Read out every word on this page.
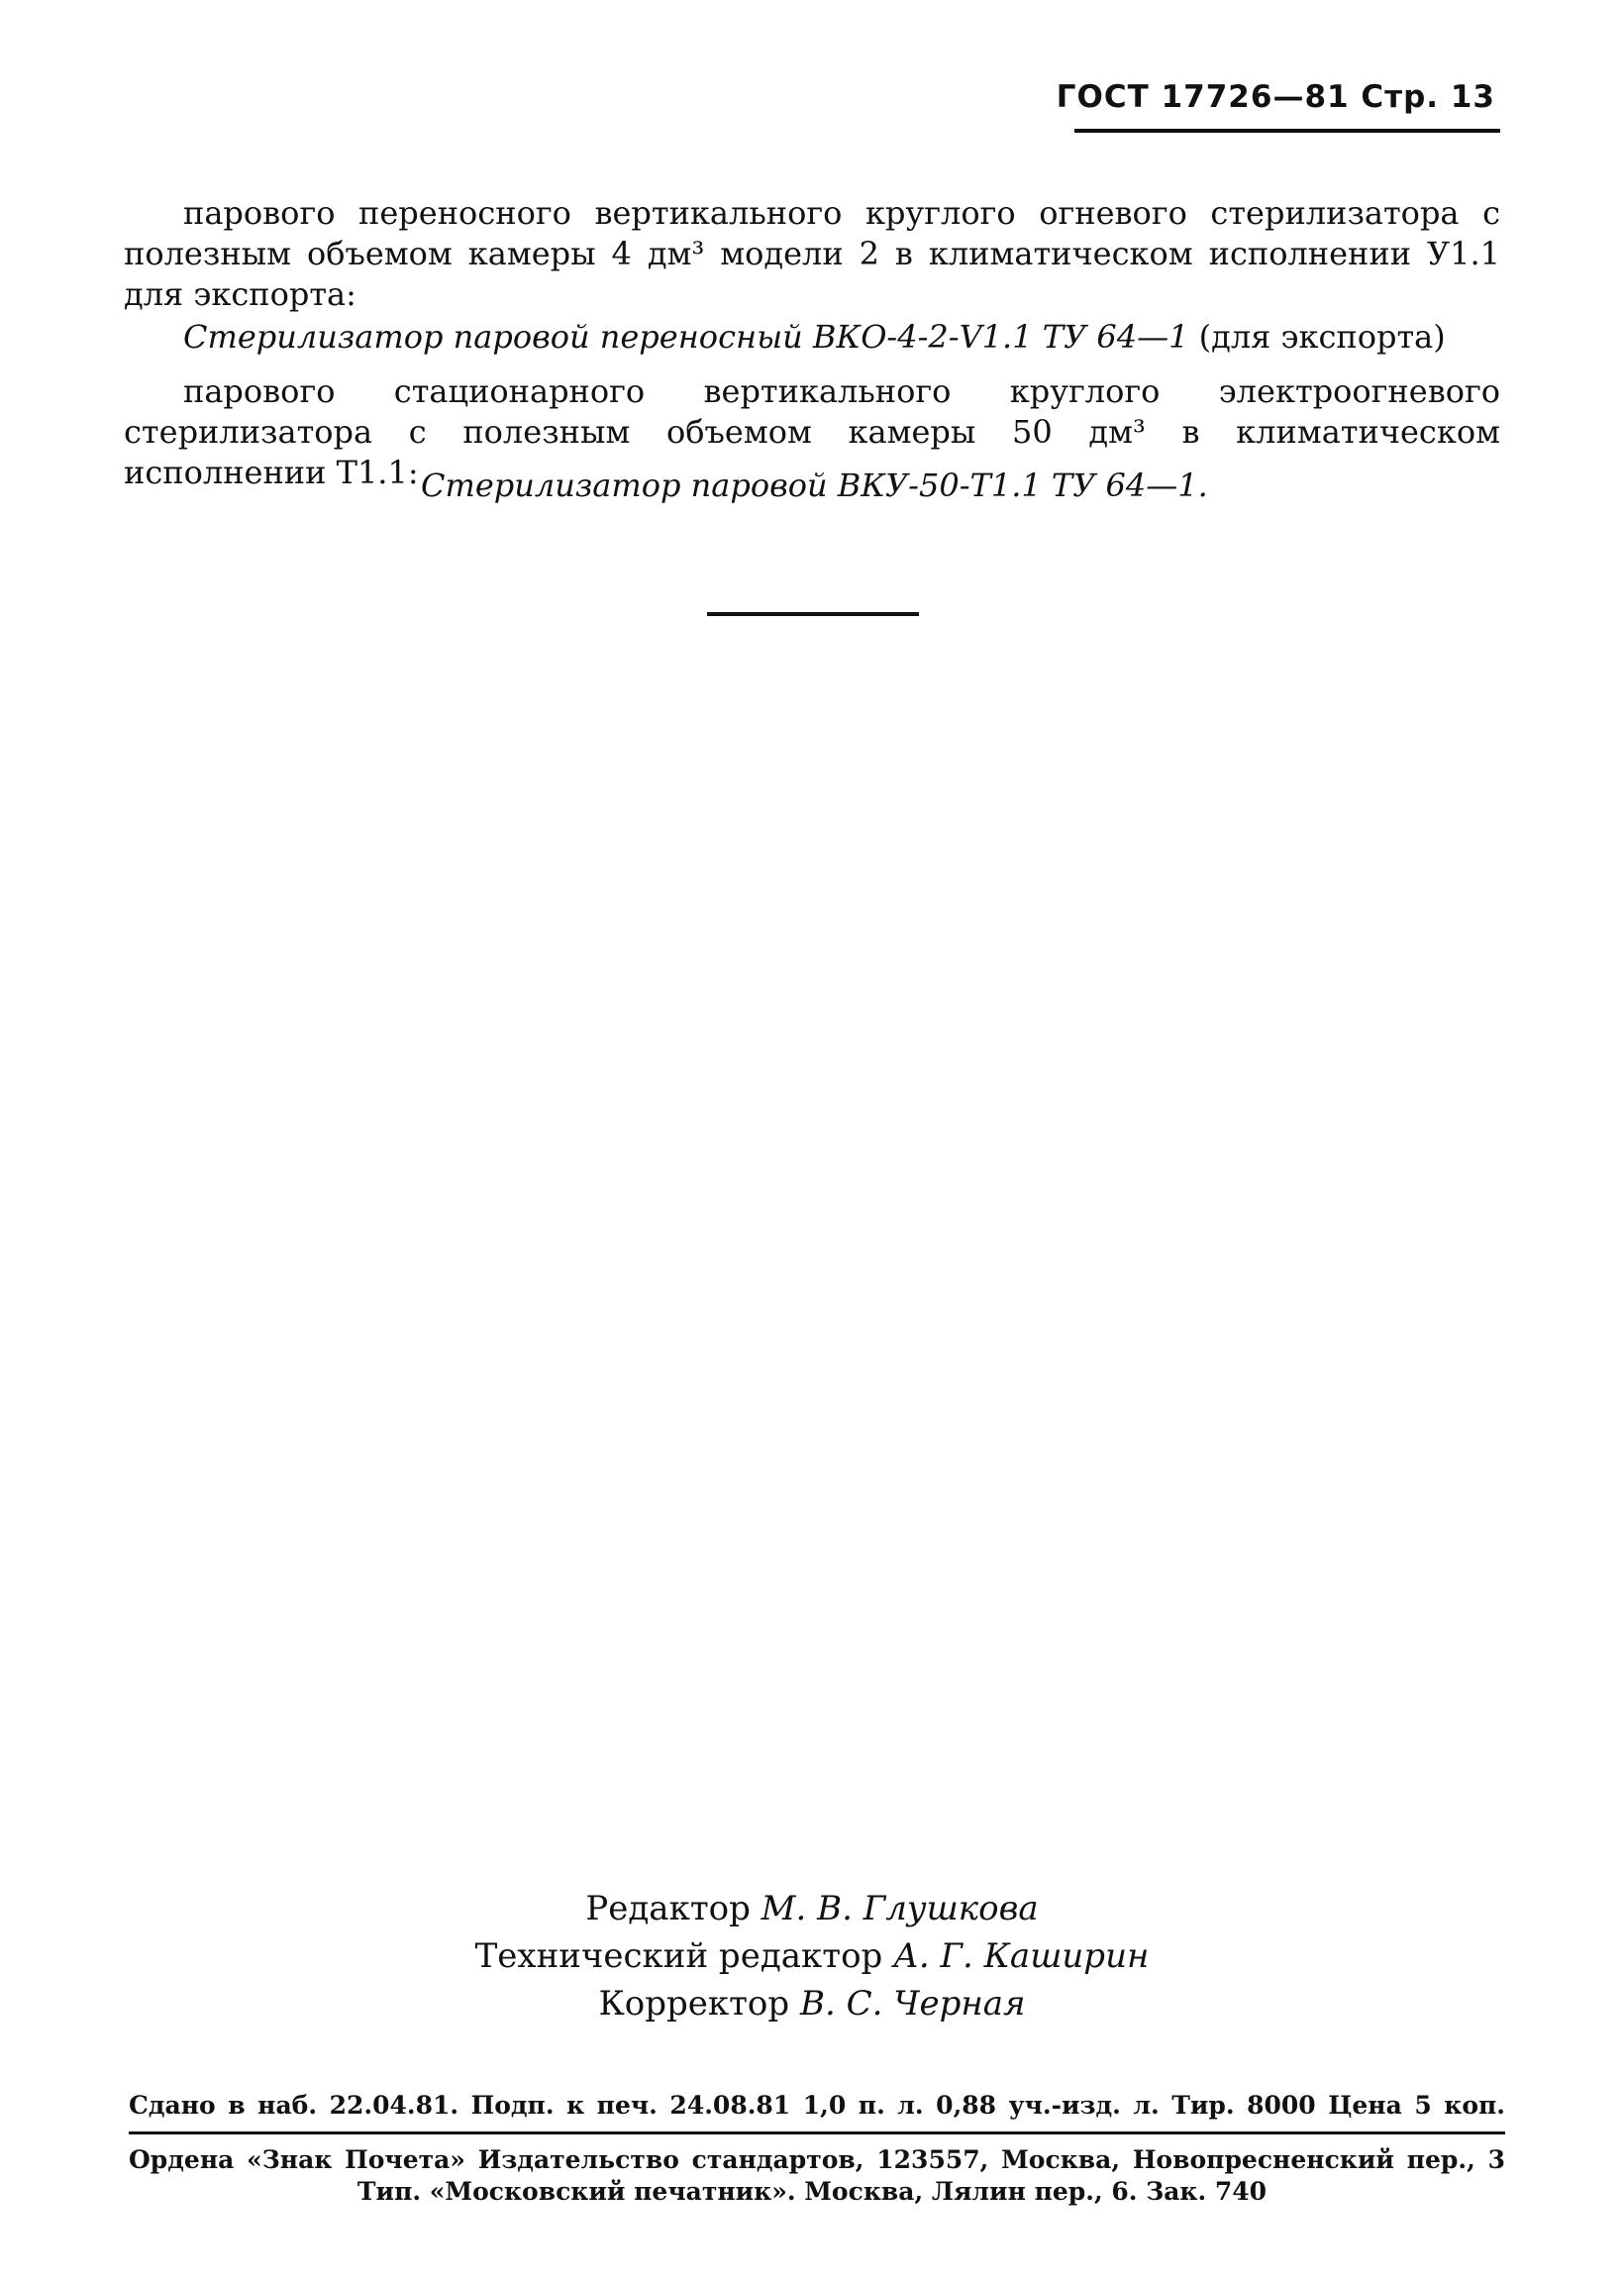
ГОСТ 17726—81 Стр. 13
парового переносного вертикального круглого огневого стерилизатора с полезным объемом камеры 4 дм³ модели 2 в климатическом исполнении У1.1 для экспорта:
Стерилизатор паровой переносный ВКО-4-2-V1.1 ТУ 64—1 (для экспорта)
парового стационарного вертикального круглого электроогневого стерилизатора с полезным объемом камеры 50 дм³ в климатическом исполнении Т1.1: Стерилизатор паровой ВКУ-50-Т1.1 ТУ 64—1.
Редактор М. В. Глушкова
Технический редактор А. Г. Каширин
Корректор В. С. Черная
Сдано в наб. 22.04.81. Подп. к печ. 24.08.81 1,0 п. л. 0,88 уч.-изд. л. Тир. 8000 Цена 5 коп.
Ордена «Знак Почета» Издательство стандартов, 123557, Москва, Новопресненский пер., 3
Тип. «Московский печатник». Москва, Лялин пер., 6. Зак. 740
